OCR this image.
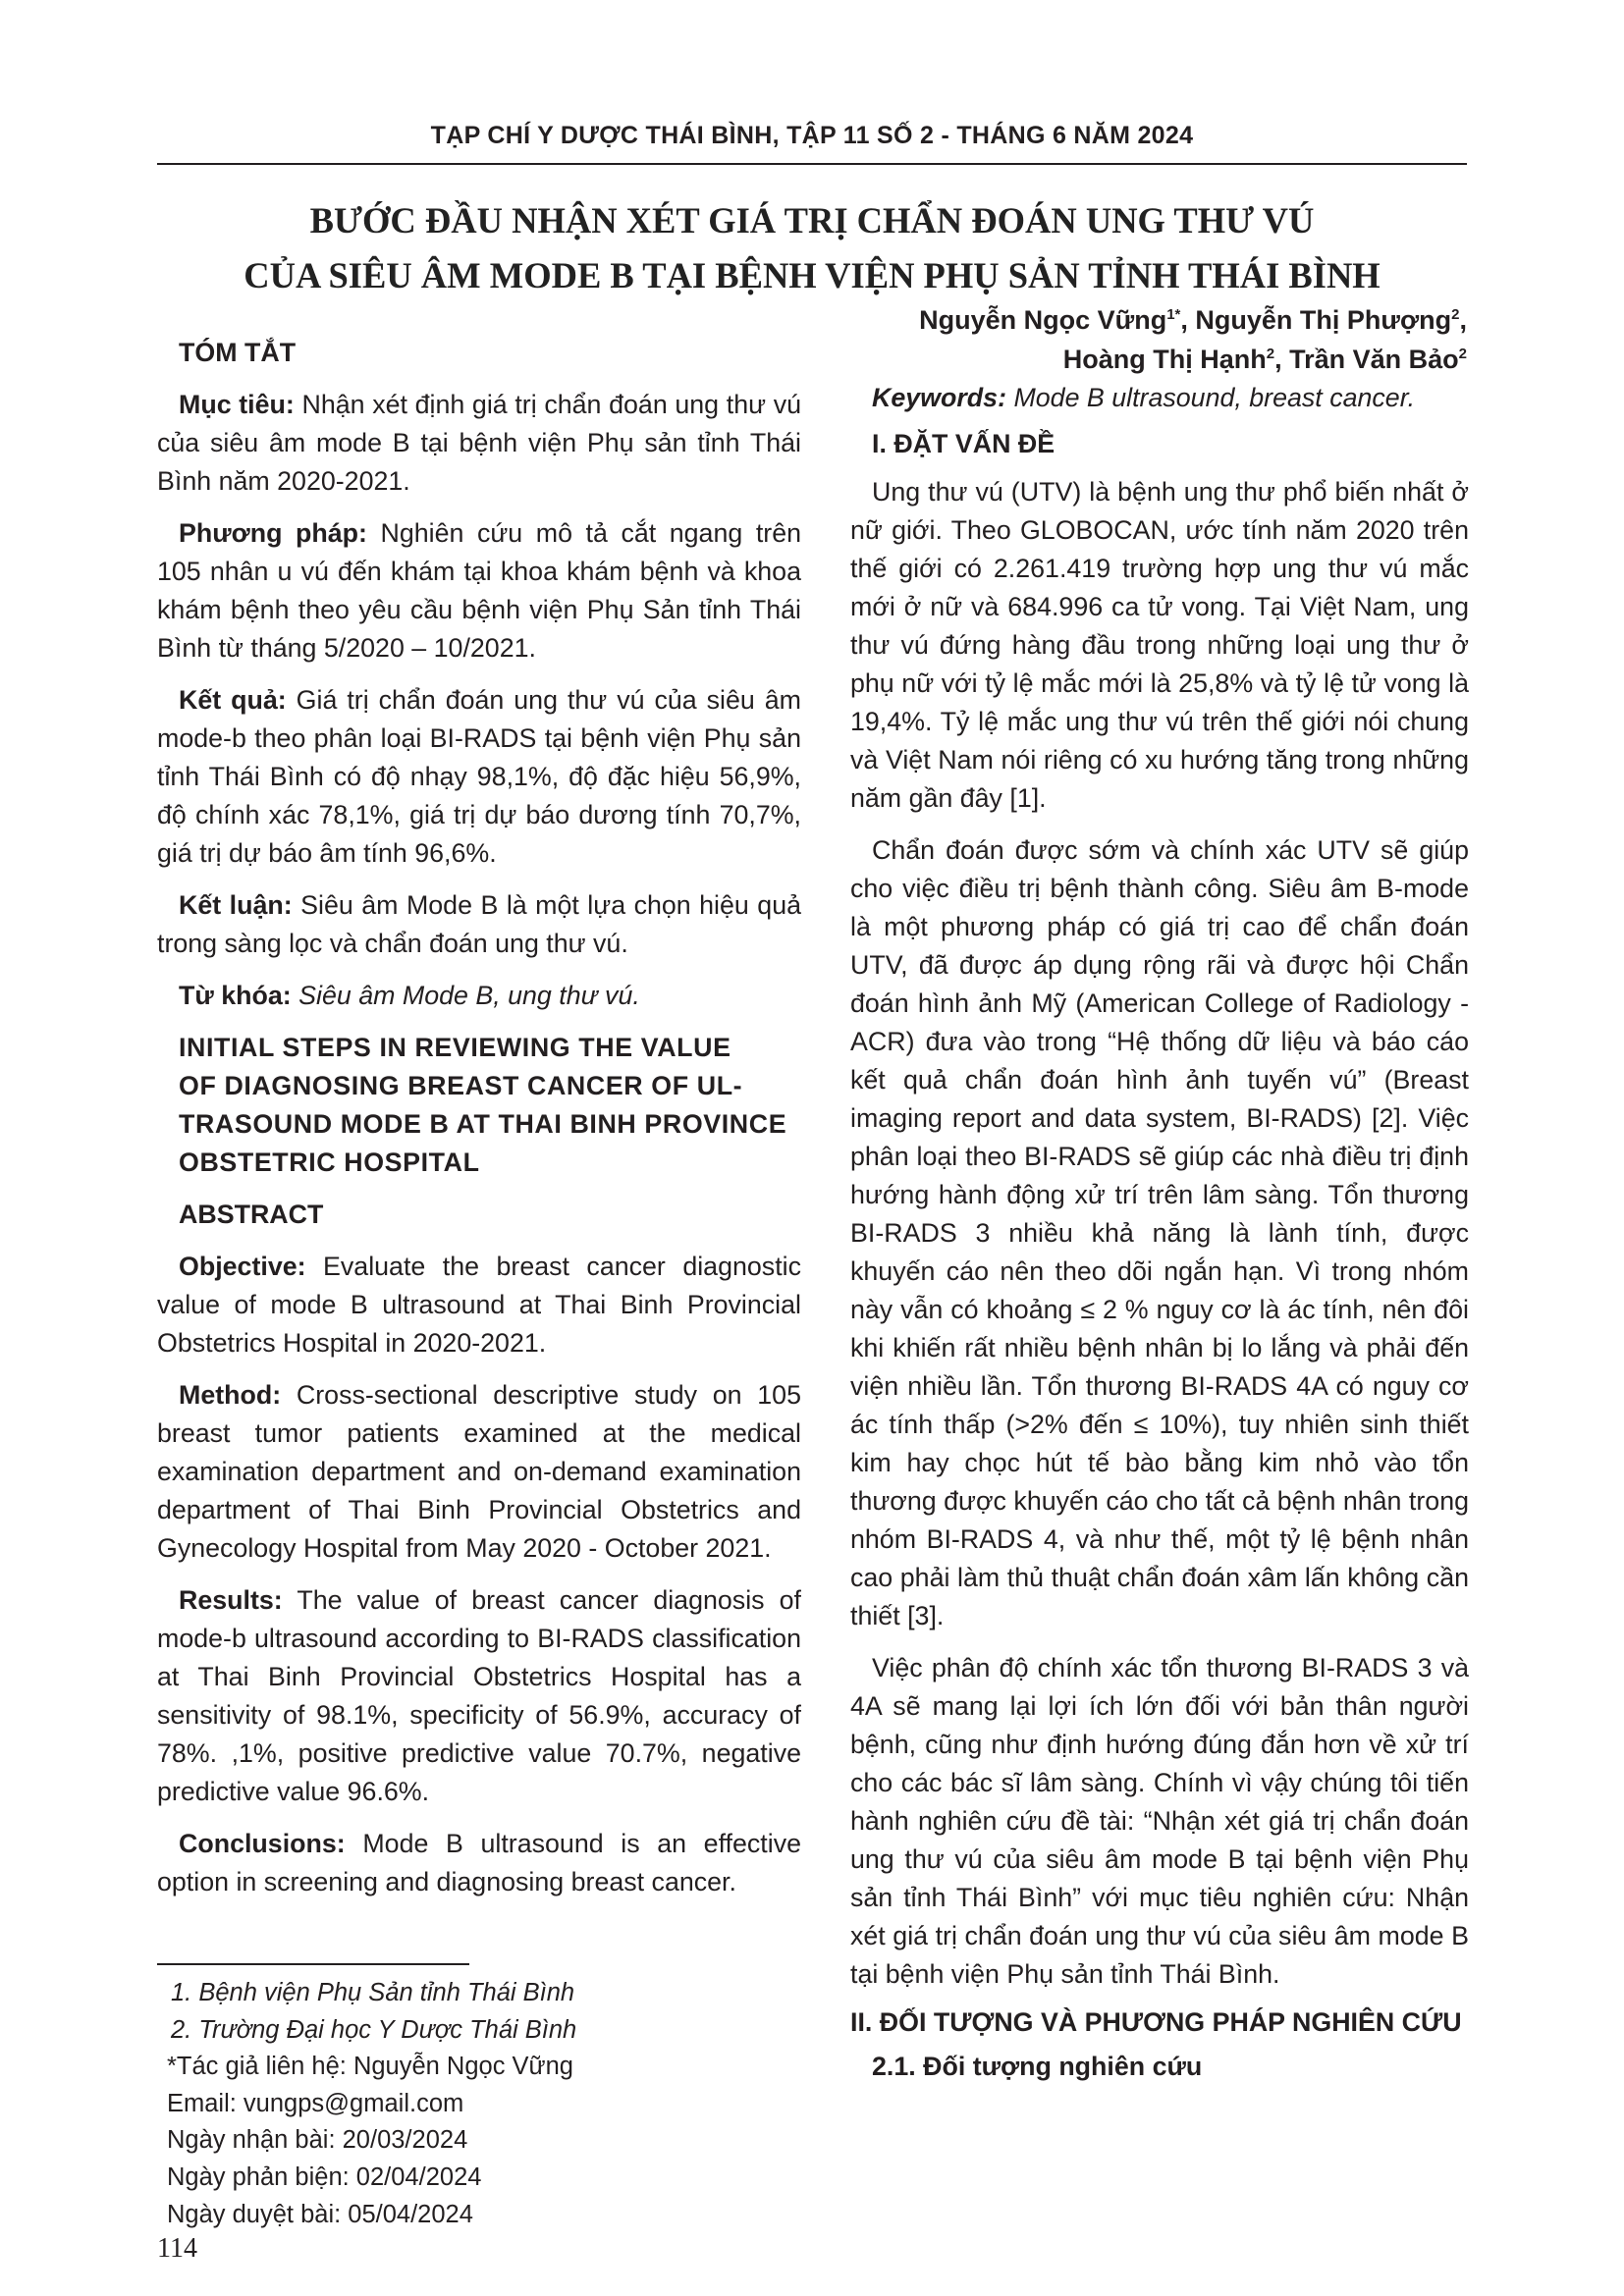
TẠP CHÍ Y DƯỢC THÁI BÌNH, TẬP 11 SỐ 2 - THÁNG 6 NĂM 2024
BƯỚC ĐẦU NHẬN XÉT GIÁ TRỊ CHẨN ĐOÁN UNG THƯ VÚ
CỦA SIÊU ÂM MODE B TẠI BỆNH VIỆN PHỤ SẢN TỈNH THÁI BÌNH
Nguyễn Ngọc Vững$^{1*}$, Nguyễn Thị Phượng$^2$,
Hoàng Thị Hạnh$^2$, Trần Văn Bảo$^2$
TÓM TẮT

Mục tiêu: Nhận xét định giá trị chẩn đoán ung thư vú của siêu âm mode B tại bệnh viện Phụ sản tỉnh Thái Bình năm 2020-2021.

Phương pháp: Nghiên cứu mô tả cắt ngang trên 105 nhân u vú đến khám tại khoa khám bệnh và khoa khám bệnh theo yêu cầu bệnh viện Phụ Sản tỉnh Thái Bình từ tháng 5/2020 – 10/2021.

Kết quả: Giá trị chẩn đoán ung thư vú của siêu âm mode-b theo phân loại BI-RADS tại bệnh viện Phụ sản tỉnh Thái Bình có độ nhạy 98,1%, độ đặc hiệu 56,9%, độ chính xác 78,1%, giá trị dự báo dương tính 70,7%, giá trị dự báo âm tính 96,6%.

Kết luận: Siêu âm Mode B là một lựa chọn hiệu quả trong sàng lọc và chẩn đoán ung thư vú.

Từ khóa: Siêu âm Mode B, ung thư vú.

INITIAL STEPS IN REVIEWING THE VALUE
OF DIAGNOSING BREAST CANCER OF UL-
TRASOUND MODE B AT THAI BINH PROVINCE
OBSTETRIC HOSPITAL
ABSTRACT

Objective: Evaluate the breast cancer diagnostic value of mode B ultrasound at Thai Binh Provincial Obstetrics Hospital in 2020-2021.

Method: Cross-sectional descriptive study on 105 breast tumor patients examined at the medical examination department and on-demand examination department of Thai Binh Provincial Obstetrics and Gynecology Hospital from May 2020 - October 2021.

Results: The value of breast cancer diagnosis of mode-b ultrasound according to BI-RADS classification at Thai Binh Provincial Obstetrics Hospital has a sensitivity of 98.1%, specificity of 56.9%, accuracy of 78%. ,1%, positive predictive value 70.7%, negative predictive value 96.6%.

Conclusions: Mode B ultrasound is an effective option in screening and diagnosing breast cancer.

Keywords: Mode B ultrasound, breast cancer.

I. ĐẶT VẤN ĐỀ

Ung thư vú (UTV) là bệnh ung thư phổ biến nhất ở nữ giới. Theo GLOBOCAN, ước tính năm 2020 trên thế giới có 2.261.419 trường hợp ung thư vú mắc mới ở nữ và 684.996 ca tử vong. Tại Việt Nam, ung thư vú đứng hàng đầu trong những loại ung thư ở phụ nữ với tỷ lệ mắc mới là 25,8% và tỷ lệ tử vong là 19,4%. Tỷ lệ mắc ung thư vú trên thế giới nói chung và Việt Nam nói riêng có xu hướng tăng trong những năm gần đây [1].

Chẩn đoán được sớm và chính xác UTV sẽ giúp cho việc điều trị bệnh thành công. Siêu âm B-mode là một phương pháp có giá trị cao để chẩn đoán UTV, đã được áp dụng rộng rãi và được hội Chẩn đoán hình ảnh Mỹ (American College of Radiology - ACR) đưa vào trong “Hệ thống dữ liệu và báo cáo kết quả chẩn đoán hình ảnh tuyến vú” (Breast imaging report and data system, BI-RADS) [2]. Việc phân loại theo BI-RADS sẽ giúp các nhà điều trị định hướng hành động xử trí trên lâm sàng. Tổn thương BI-RADS 3 nhiều khả năng là lành tính, được khuyến cáo nên theo dõi ngắn hạn. Vì trong nhóm này vẫn có khoảng ≤ 2 % nguy cơ là ác tính, nên đôi khi khiến rất nhiều bệnh nhân bị lo lắng và phải đến viện nhiều lần. Tổn thương BI-RADS 4A có nguy cơ ác tính thấp (>2% đến ≤ 10%), tuy nhiên sinh thiết kim hay chọc hút tế bào bằng kim nhỏ vào tổn thương được khuyến cáo cho tất cả bệnh nhân trong nhóm BI-RADS 4, và như thế, một tỷ lệ bệnh nhân cao phải làm thủ thuật chẩn đoán xâm lấn không cần thiết [3].

Việc phân độ chính xác tổn thương BI-RADS 3 và 4A sẽ mang lại lợi ích lớn đối với bản thân người bệnh, cũng như định hướng đúng đắn hơn về xử trí cho các bác sĩ lâm sàng. Chính vì vậy chúng tôi tiến hành nghiên cứu đề tài: “Nhận xét giá trị chẩn đoán ung thư vú của siêu âm mode B tại bệnh viện Phụ sản tỉnh Thái Bình” với mục tiêu nghiên cứu: Nhận xét giá trị chẩn đoán ung thư vú của siêu âm mode B tại bệnh viện Phụ sản tỉnh Thái Bình.

II. ĐỐI TƯỢNG VÀ PHƯƠNG PHÁP NGHIÊN CỨU
2.1. Đối tượng nghiên cứu
1. Bệnh viện Phụ Sản tỉnh Thái Bình
2. Trường Đại học Y Dược Thái Bình
*Tác giả liên hệ: Nguyễn Ngọc Vững
Email: vungps@gmail.com
Ngày nhận bài: 20/03/2024
Ngày phản biện: 02/04/2024
Ngày duyệt bài: 05/04/2024
114
